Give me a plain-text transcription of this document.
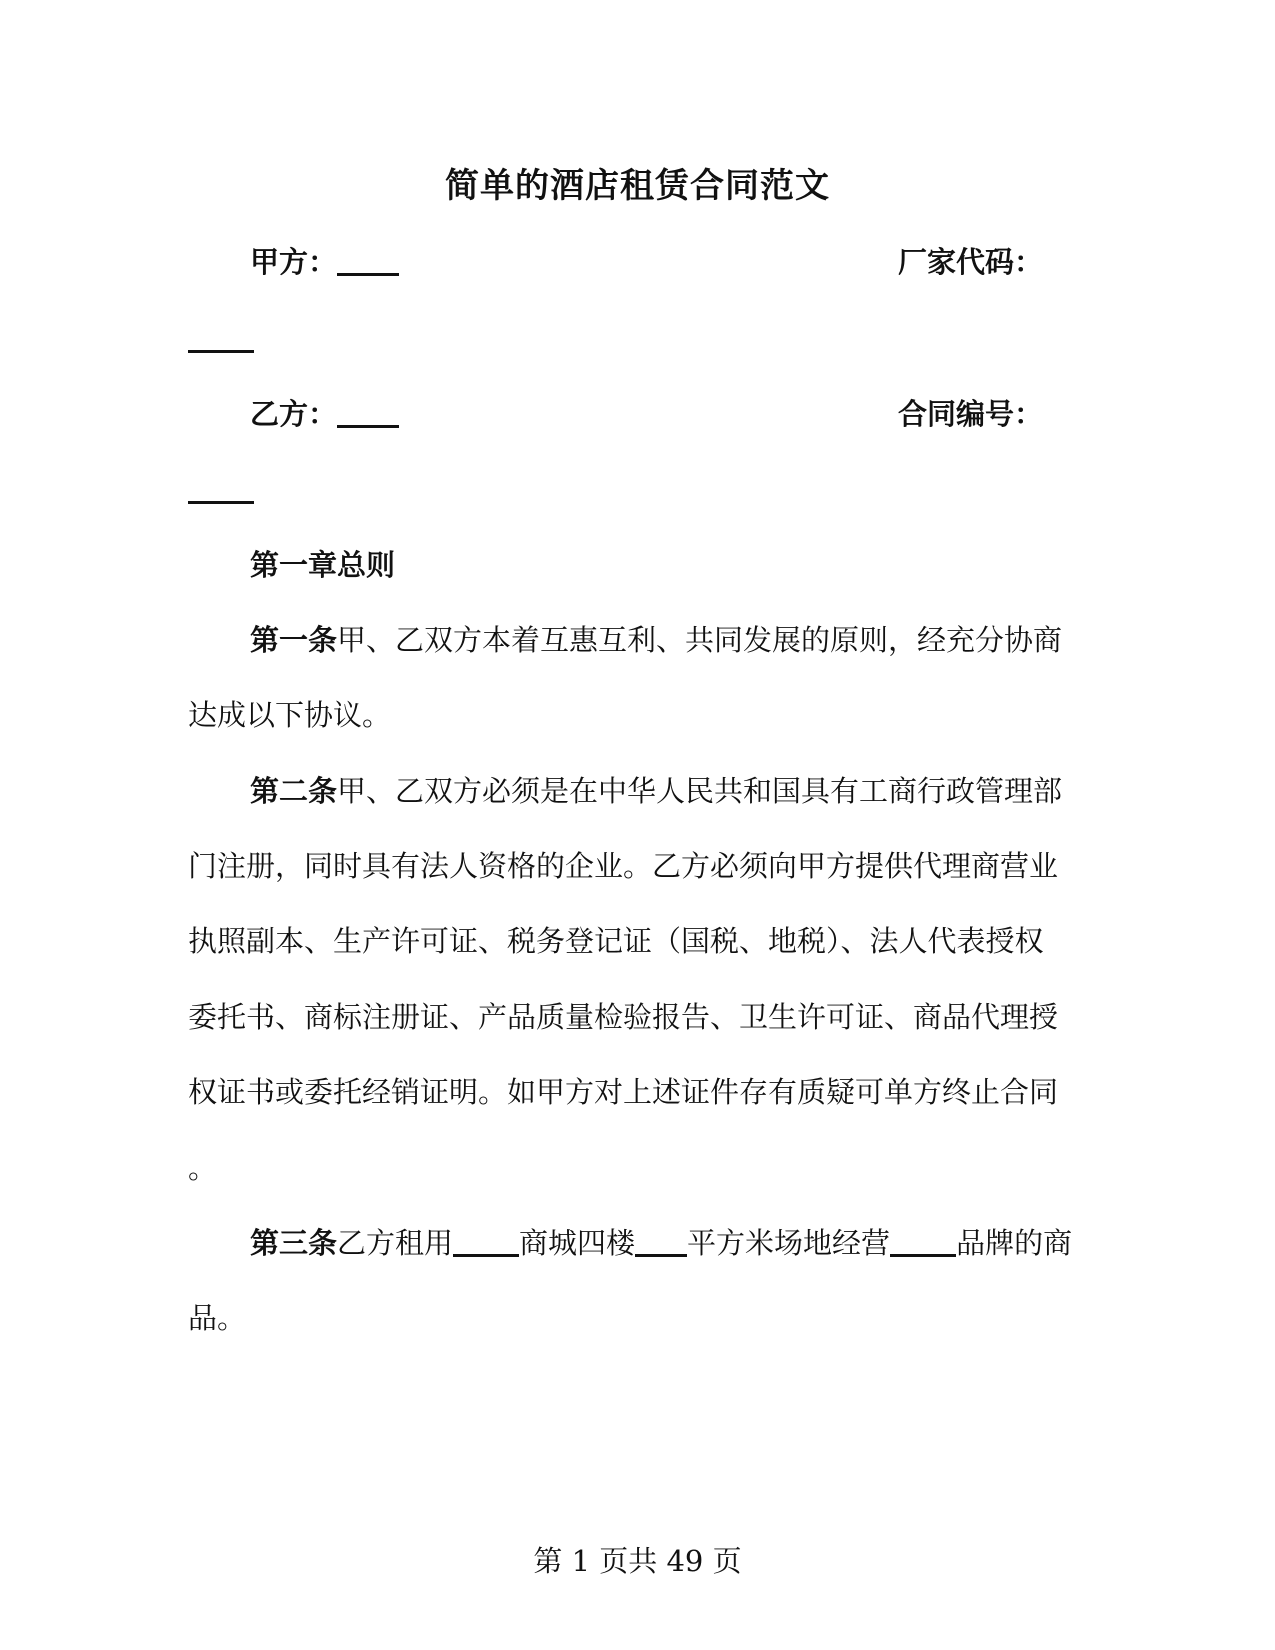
简单的酒店租赁合同范文
甲方：	厂家代码：
乙方：	合同编号：
第一章总则
第一条甲、乙双方本着互惠互利、共同发展的原则，经充分协商
达成以下协议。
第二条甲、乙双方必须是在中华人民共和国具有工商行政管理部
门注册，同时具有法人资格的企业。乙方必须向甲方提供代理商营业
执照副本、生产许可证、税务登记证（国税、地税）、法人代表授权
委托书、商标注册证、产品质量检验报告、卫生许可证、商品代理授
权证书或委托经销证明。如甲方对上述证件存有质疑可单方终止合同
。
第三条乙方租用 商城四楼 平方米场地经营 品牌的商
品。
第 1 页共 49 页
